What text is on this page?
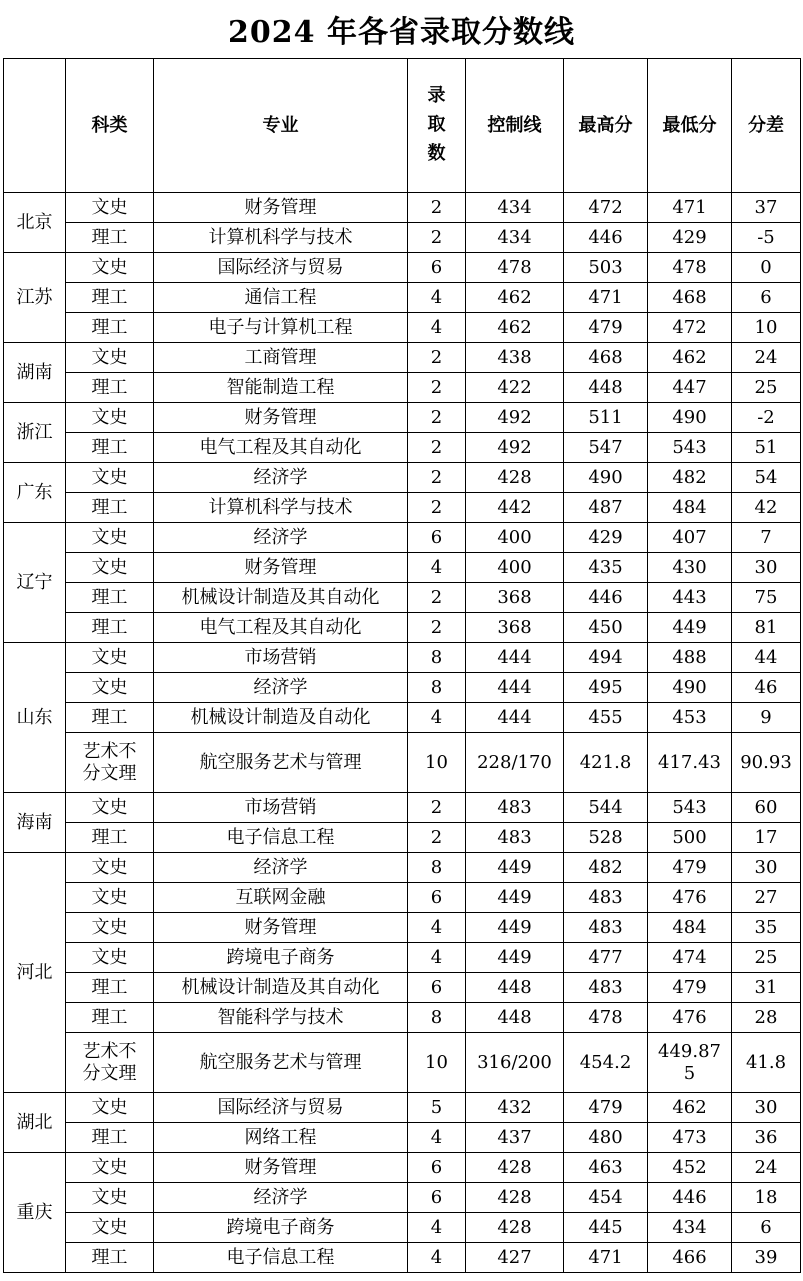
2024 年各省录取分数线
	科类	专业	录取数	控制线	最高分	最低分	分差
北京	文史	财务管理	2	434	472	471	37
	理工	计算机科学与技术	2	434	446	429	-5
江苏	文史	国际经济与贸易	6	478	503	478	0
	理工	通信工程	4	462	471	468	6
	理工	电子与计算机工程	4	462	479	472	10
湖南	文史	工商管理	2	438	468	462	24
	理工	智能制造工程	2	422	448	447	25
浙江	文史	财务管理	2	492	511	490	-2
	理工	电气工程及其自动化	2	492	547	543	51
广东	文史	经济学	2	428	490	482	54
	理工	计算机科学与技术	2	442	487	484	42
辽宁	文史	经济学	6	400	429	407	7
	文史	财务管理	4	400	435	430	30
	理工	机械设计制造及其自动化	2	368	446	443	75
	理工	电气工程及其自动化	2	368	450	449	81
山东	文史	市场营销	8	444	494	488	44
	文史	经济学	8	444	495	490	46
	理工	机械设计制造及自动化	4	444	455	453	9
	艺术不分文理	航空服务艺术与管理	10	228/170	421.8	417.43	90.93
海南	文史	市场营销	2	483	544	543	60
	理工	电子信息工程	2	483	528	500	17
河北	文史	经济学	8	449	482	479	30
	文史	互联网金融	6	449	483	476	27
	文史	财务管理	4	449	483	484	35
	文史	跨境电子商务	4	449	477	474	25
	理工	机械设计制造及其自动化	6	448	483	479	31
	理工	智能科学与技术	8	448	478	476	28
	艺术不分文理	航空服务艺术与管理	10	316/200	454.2	449.875	41.8
湖北	文史	国际经济与贸易	5	432	479	462	30
	理工	网络工程	4	437	480	473	36
重庆	文史	财务管理	6	428	463	452	24
	文史	经济学	6	428	454	446	18
	文史	跨境电子商务	4	428	445	434	6
	理工	电子信息工程	4	427	471	466	39
